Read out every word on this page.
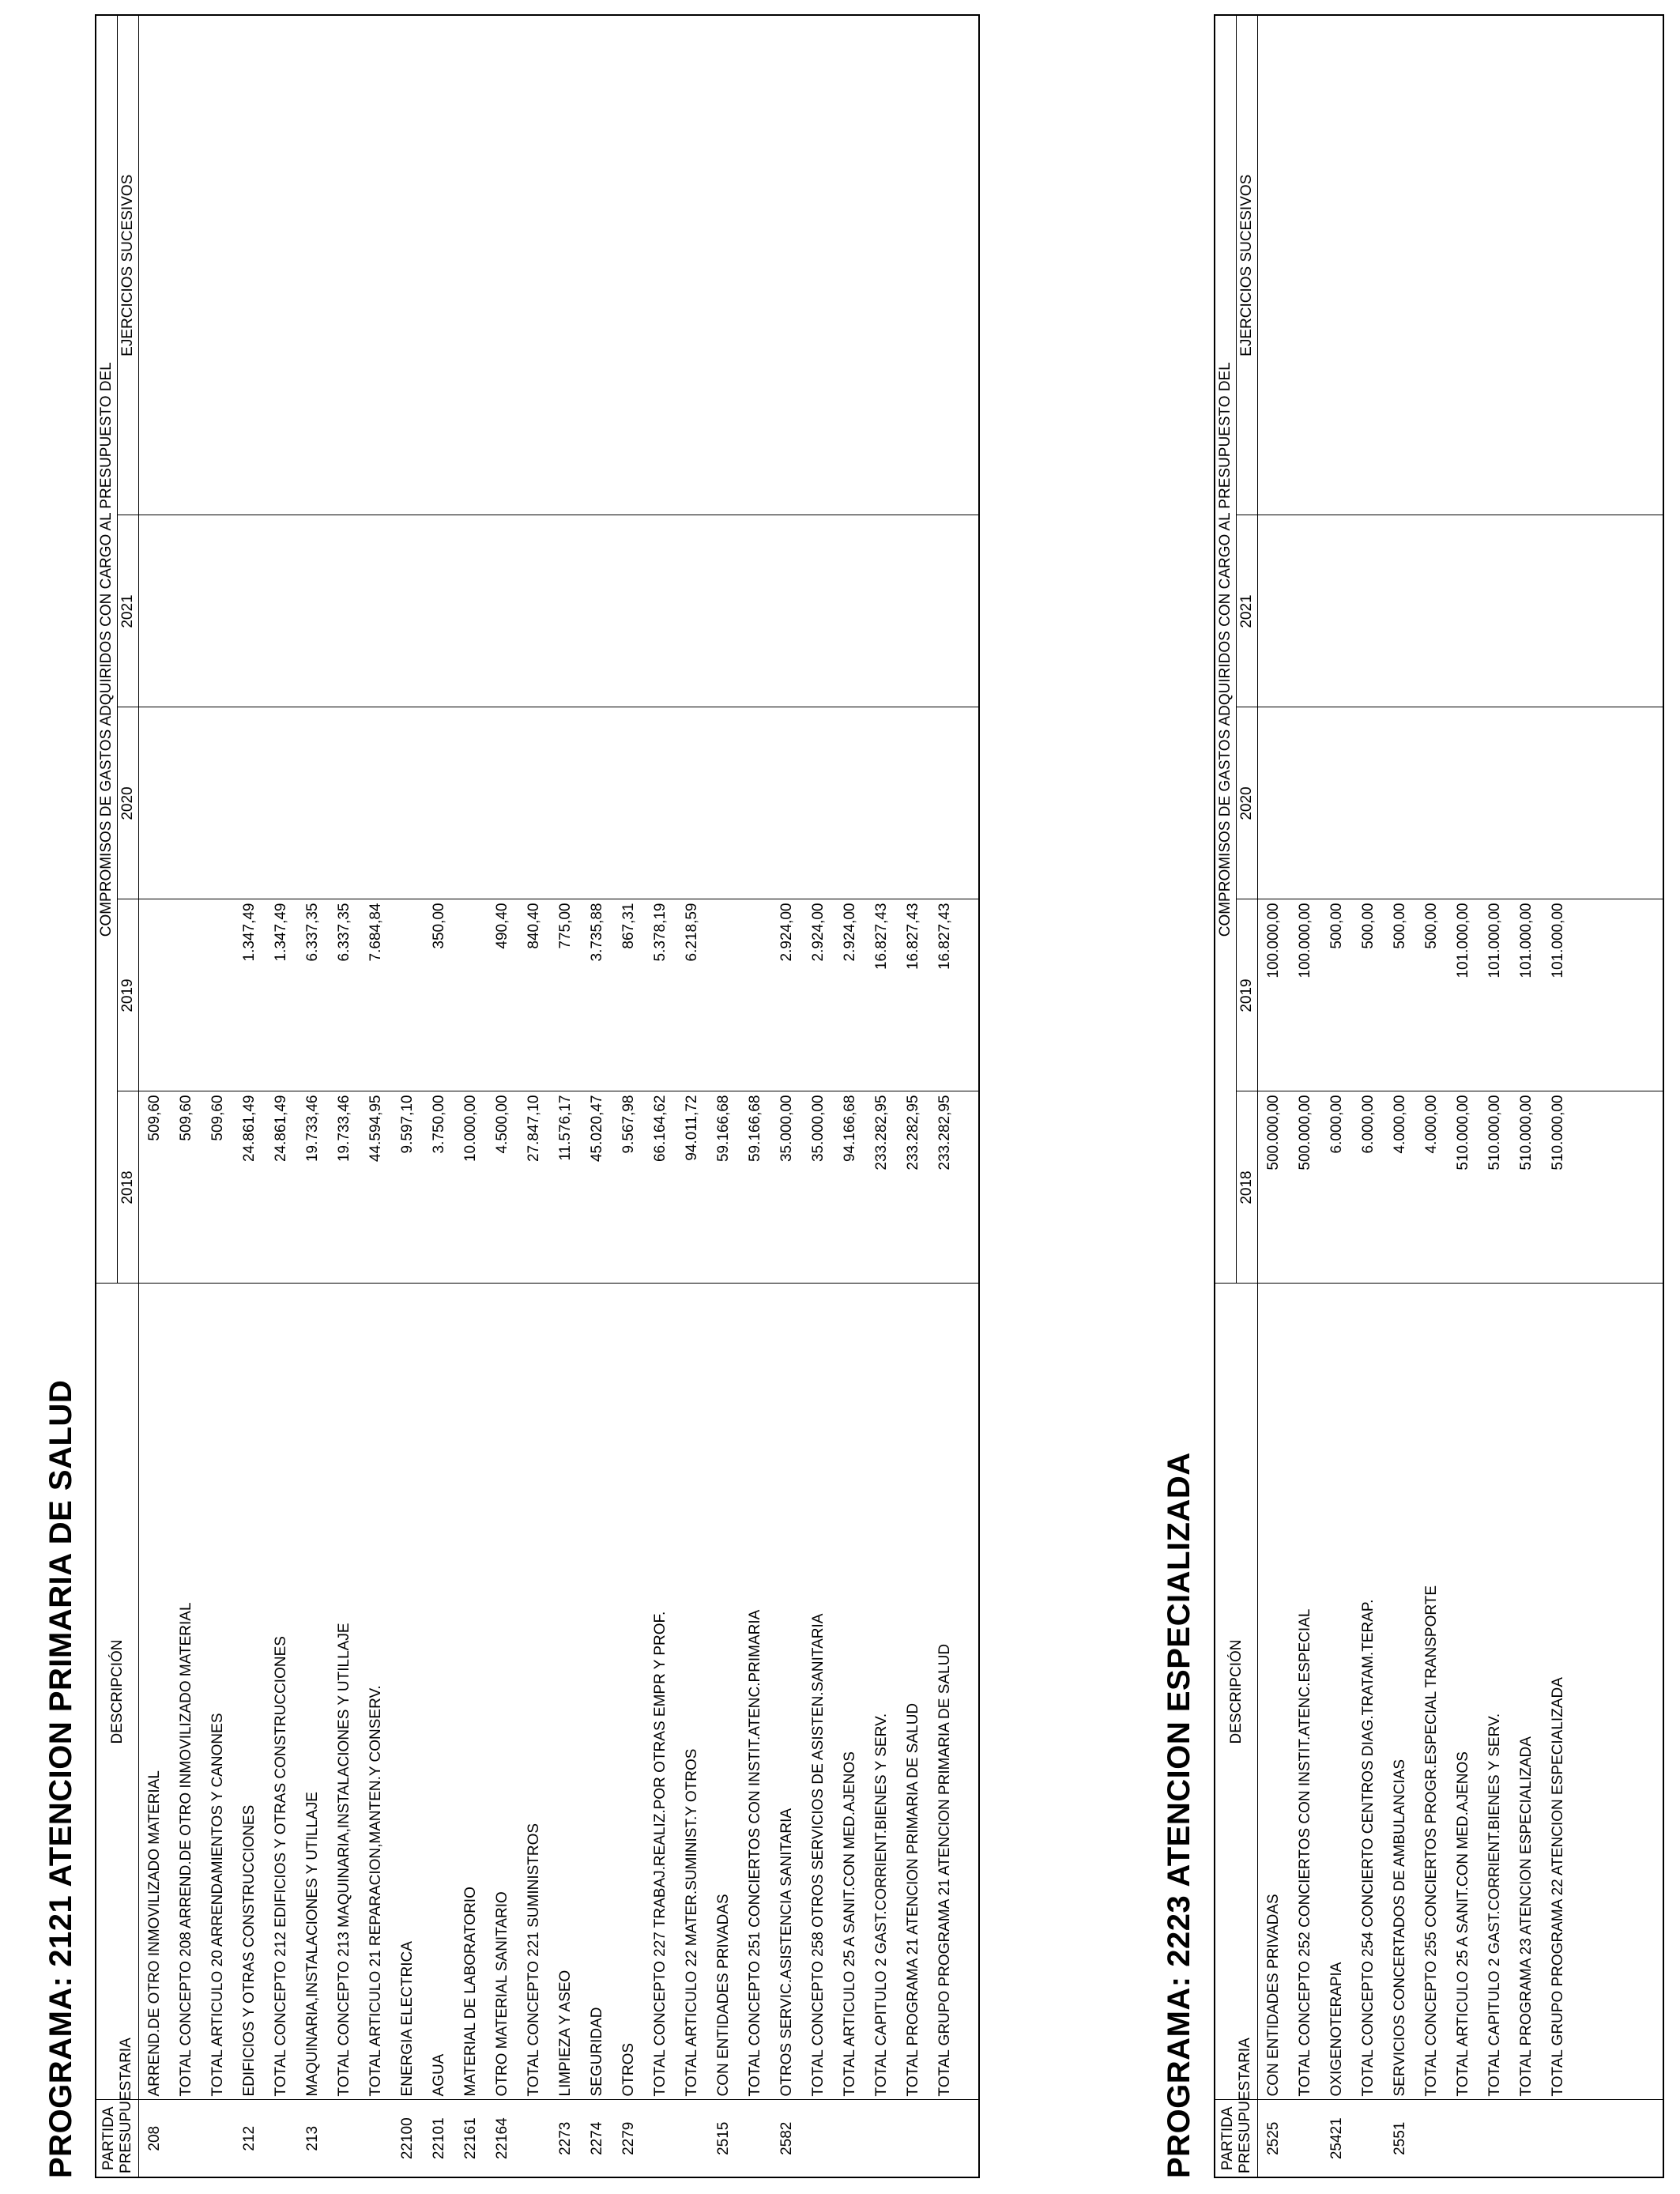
PROGRAMA: 2121 ATENCION PRIMARIA DE SALUD PARTIDA PRESUPUESTARIA	DESCRIPCIÓN	COMPROMISOS DE GASTOS ADQUIRIDOS CON CARGO AL PRESUPUESTO DEL				
		2018	2019	2020	2021	EJERCICIOS SUCESIVOS
208	ARREND.DE OTRO INMOVILIZADO MATERIAL	509,60				
	TOTAL CONCEPTO 208 ARREND.DE OTRO INMOVILIZADO MATERIAL	509,60				
	TOTAL ARTICULO 20 ARRENDAMIENTOS Y CANONES	509,60				
212	EDIFICIOS Y OTRAS CONSTRUCCIONES	24.861,49	1.347,49			
	TOTAL CONCEPTO 212 EDIFICIOS Y OTRAS CONSTRUCCIONES	24.861,49	1.347,49			
213	MAQUINARIA,INSTALACIONES Y UTILLAJE	19.733,46	6.337,35			
	TOTAL CONCEPTO 213 MAQUINARIA,INSTALACIONES Y UTILLAJE	19.733,46	6.337,35			
	TOTAL ARTICULO 21 REPARACION,MANTEN.Y CONSERV.	44.594,95	7.684,84			
22100	ENERGIA ELECTRICA	9.597,10				
22101	AGUA	3.750,00	350,00			
22161	MATERIAL DE LABORATORIO	10.000,00				
22164	OTRO MATERIAL SANITARIO	4.500,00	490,40			
	TOTAL CONCEPTO 221 SUMINISTROS	27.847,10	840,40			
2273	LIMPIEZA Y ASEO	11.576,17	775,00			
2274	SEGURIDAD	45.020,47	3.735,88			
2279	OTROS	9.567,98	867,31			
	TOTAL CONCEPTO 227 TRABAJ.REALIZ.POR OTRAS EMPR Y PROF.	66.164,62	5.378,19			
	TOTAL ARTICULO 22 MATER.SUMINIST.Y OTROS	94.011,72	6.218,59			
2515	CON ENTIDADES PRIVADAS	59.166,68				
	TOTAL CONCEPTO 251 CONCIERTOS CON INSTIT.ATENC.PRIMARIA	59.166,68				
2582	OTROS SERVIC.ASISTENCIA SANITARIA	35.000,00	2.924,00			
	TOTAL CONCEPTO 258 OTROS SERVICIOS DE ASISTEN.SANITARIA	35.000,00	2.924,00			
	TOTAL ARTICULO 25 A SANIT.CON MED.AJENOS	94.166,68	2.924,00			
	TOTAL CAPITULO 2 GAST.CORRIENT.BIENES Y SERV.	233.282,95	16.827,43			
	TOTAL PROGRAMA 21 ATENCION PRIMARIA DE SALUD	233.282,95	16.827,43			
	TOTAL GRUPO PROGRAMA 21 ATENCION PRIMARIA DE SALUD	233.282,95	16.827,43			

PROGRAMA: 2223 ATENCION ESPECIALIZADA PARTIDA PRESUPUESTARIA	DESCRIPCIÓN	COMPROMISOS DE GASTOS ADQUIRIDOS CON CARGO AL PRESUPUESTO DEL				
		2018	2019	2020	2021	EJERCICIOS SUCESIVOS
2525	CON ENTIDADES PRIVADAS	500.000,00	100.000,00			
	TOTAL CONCEPTO 252 CONCIERTOS CON INSTIT.ATENC.ESPECIAL	500.000,00	100.000,00			
25421	OXIGENOTERAPIA	6.000,00	500,00			
	TOTAL CONCEPTO 254 CONCIERTO CENTROS DIAG.TRATAM.TERAP.	6.000,00	500,00			
2551	SERVICIOS CONCERTADOS DE AMBULANCIAS	4.000,00	500,00			
	TOTAL CONCEPTO 255 CONCIERTOS PROGR.ESPECIAL TRANSPORTE	4.000,00	500,00			
	TOTAL ARTICULO 25 A SANIT.CON MED.AJENOS	510.000,00	101.000,00			
	TOTAL CAPITULO 2 GAST.CORRIENT.BIENES Y SERV.	510.000,00	101.000,00			
	TOTAL PROGRAMA 23 ATENCION ESPECIALIZADA	510.000,00	101.000,00			
	TOTAL GRUPO PROGRAMA 22 ATENCION ESPECIALIZADA	510.000,00	101.000,00			
